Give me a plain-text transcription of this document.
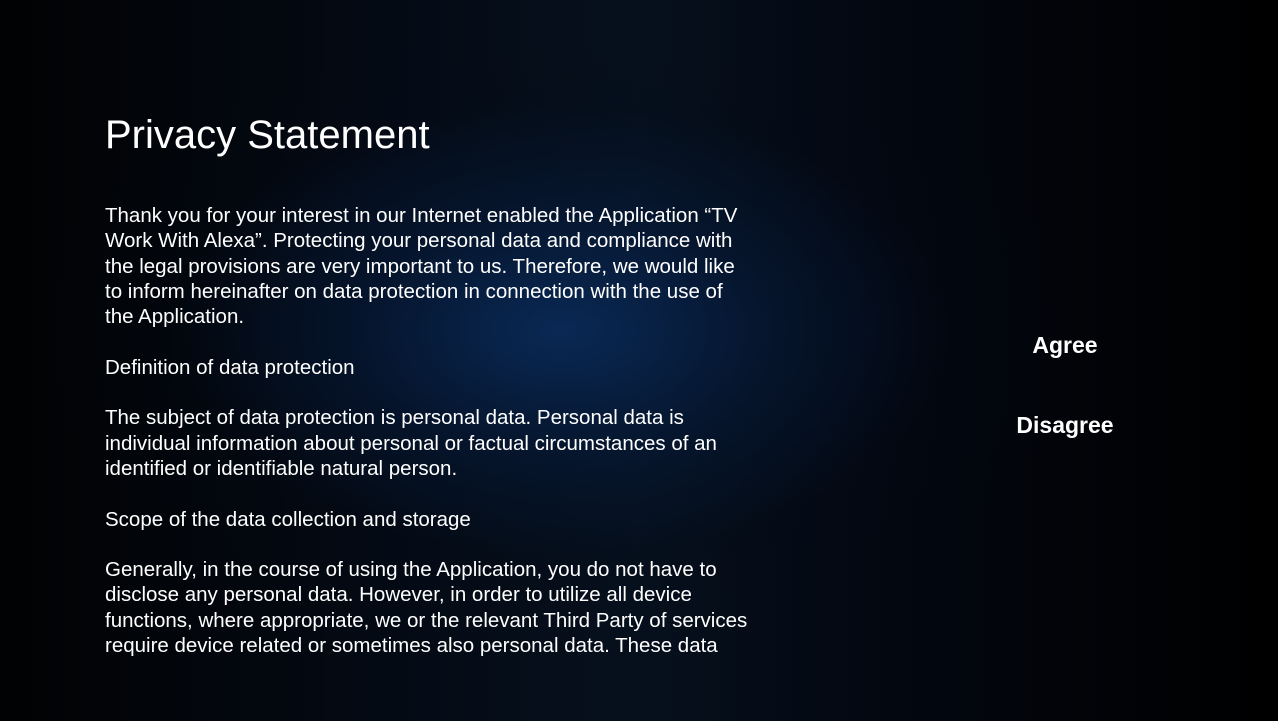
Privacy Statement

Thank you for your interest in our Internet enabled the Application “TV
Work With Alexa”. Protecting your personal data and compliance with
the legal provisions are very important to us. Therefore, we would like
to inform hereinafter on data protection in connection with the use of
the Application.

Definition of data protection

The subject of data protection is personal data. Personal data is
individual information about personal or factual circumstances of an
identified or identifiable natural person.

Scope of the data collection and storage

Generally, in the course of using the Application, you do not have to
disclose any personal data. However, in order to utilize all device
functions, where appropriate, we or the relevant Third Party of services
require device related or sometimes also personal data. These data

Agree
Disagree
